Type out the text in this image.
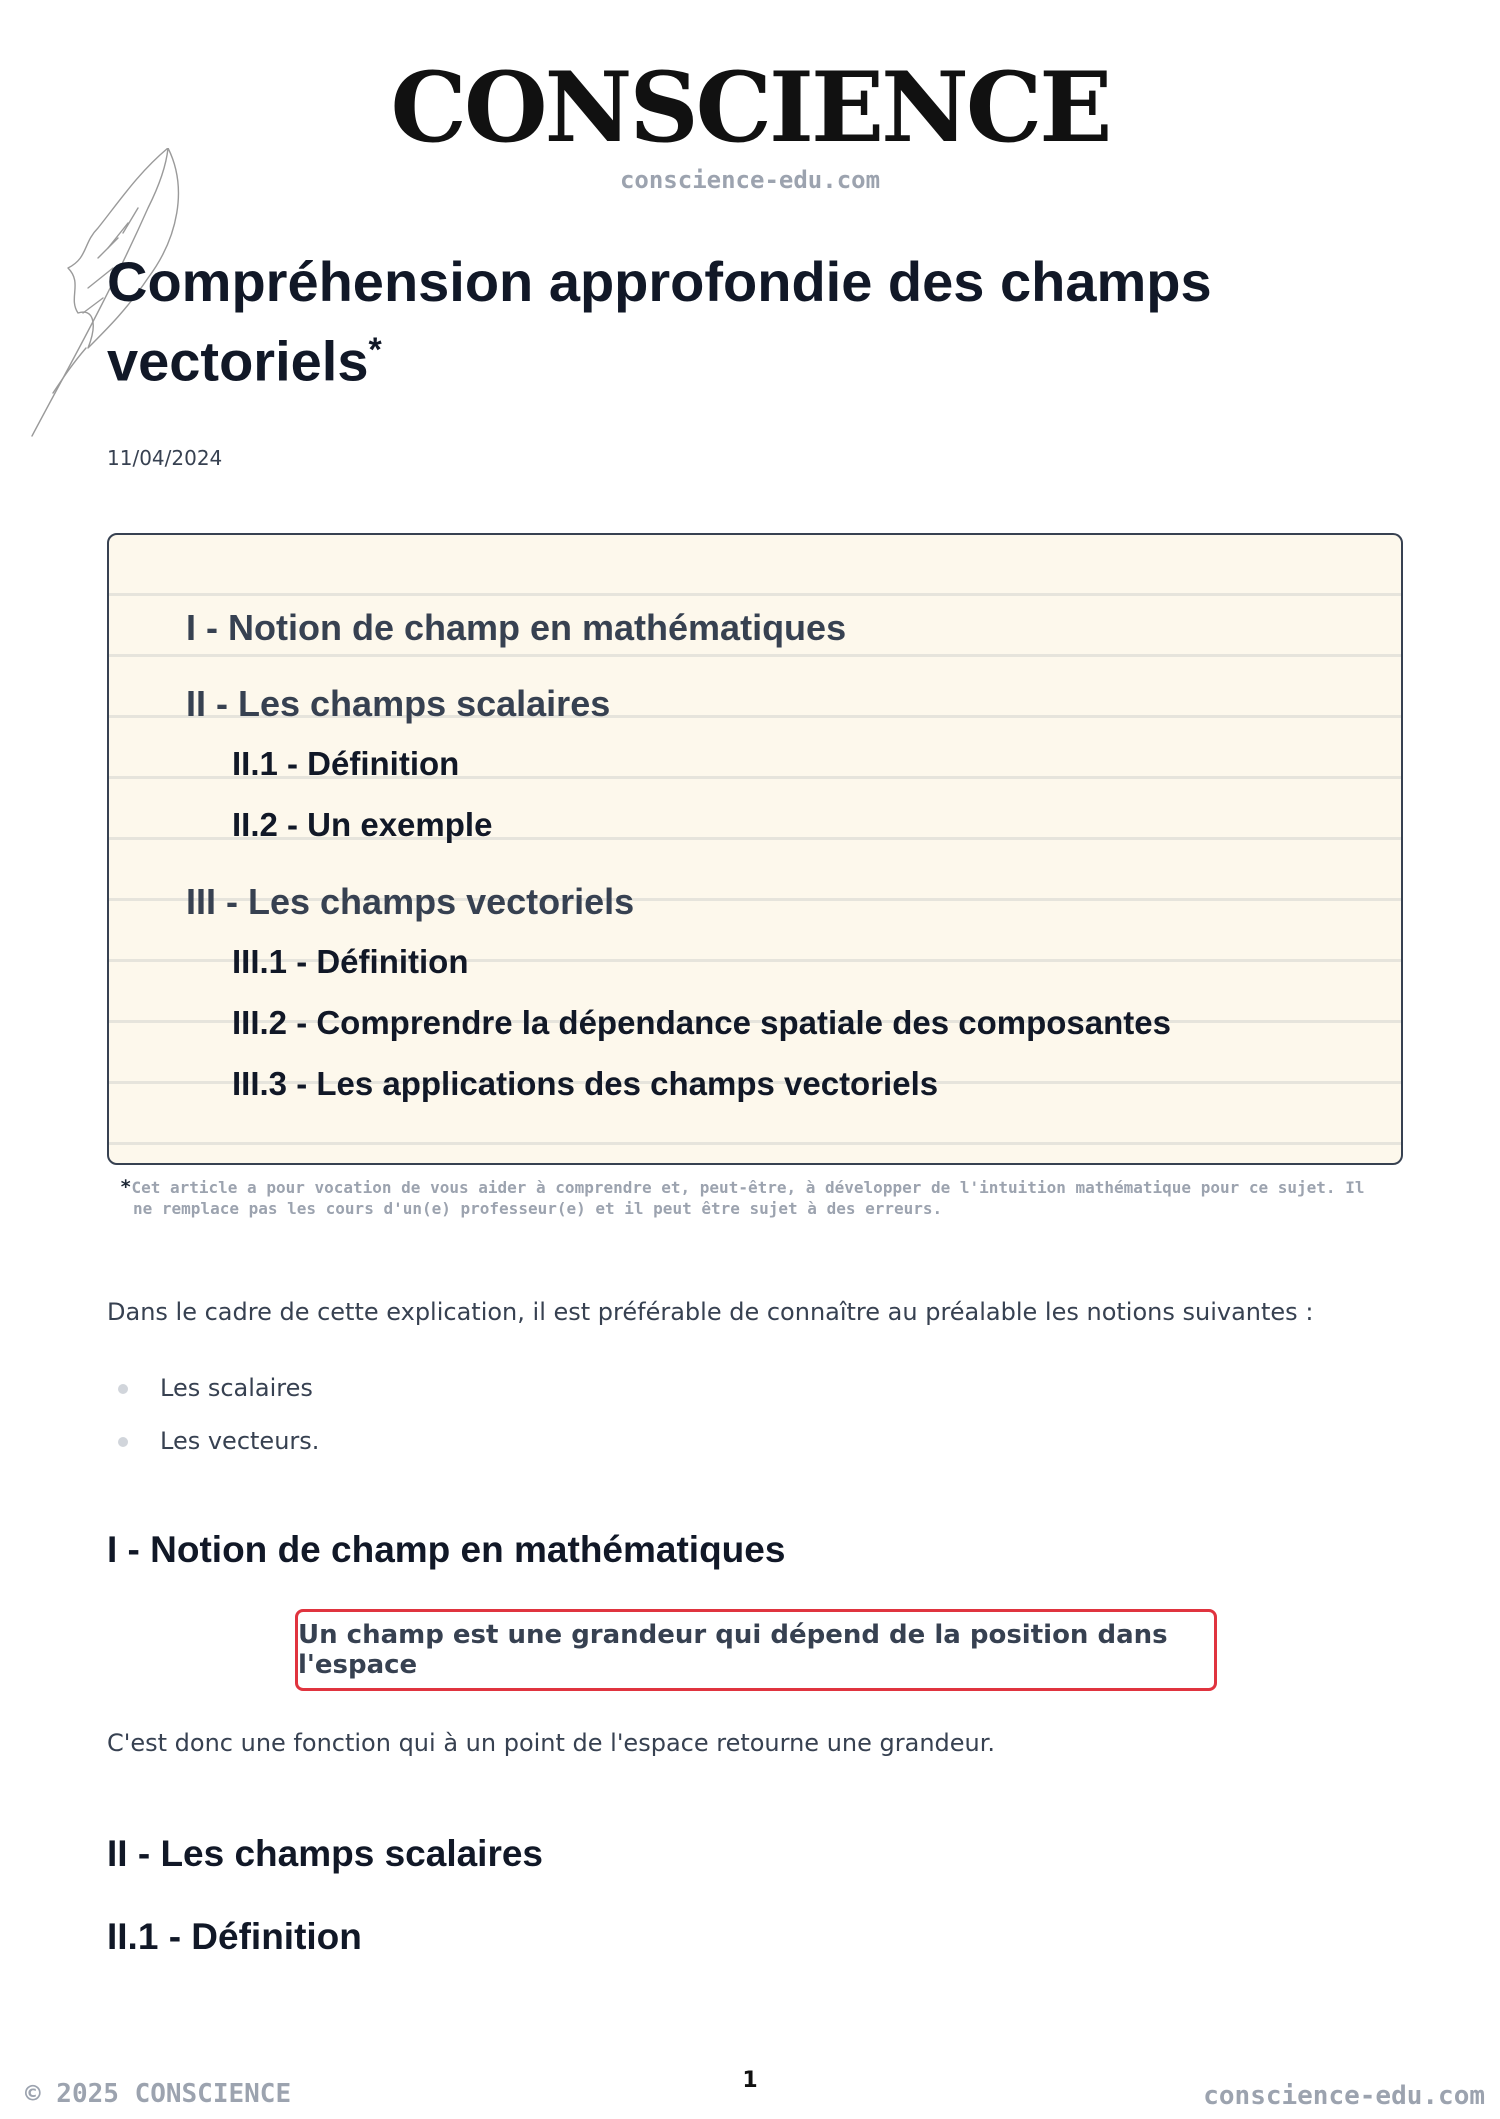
CONSCIENCE
conscience-edu.com
Compréhension approfondie des champs vectoriels*
11/04/2024
I - Notion de champ en mathématiques
II - Les champs scalaires
II.1 - Définition
II.2 - Un exemple
III - Les champs vectoriels
III.1 - Définition
III.2 - Comprendre la dépendance spatiale des composantes
III.3 - Les applications des champs vectoriels
*Cet article a pour vocation de vous aider à comprendre et, peut-être, à développer de l'intuition mathématique pour ce sujet. Il ne remplace pas les cours d'un(e) professeur(e) et il peut être sujet à des erreurs.
Dans le cadre de cette explication, il est préférable de connaître au préalable les notions suivantes :
Les scalaires
Les vecteurs.
I - Notion de champ en mathématiques
Un champ est une grandeur qui dépend de la position dans l'espace
C'est donc une fonction qui à un point de l'espace retourne une grandeur.
II - Les champs scalaires
II.1 - Définition
© 2025 CONSCIENCE	1
conscience-edu.com
